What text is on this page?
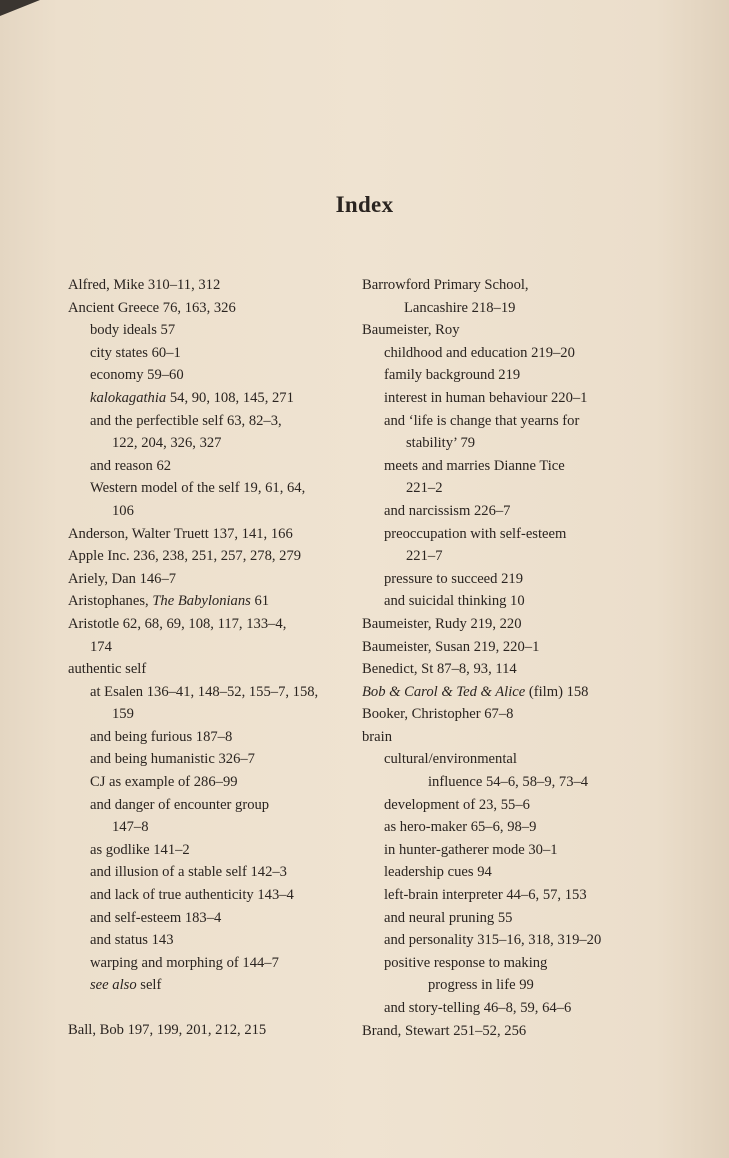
Index
Alfred, Mike 310–11, 312
Ancient Greece 76, 163, 326
body ideals 57
city states 60–1
economy 59–60
kalokagathia 54, 90, 108, 145, 271
and the perfectible self 63, 82–3,
122, 204, 326, 327
and reason 62
Western model of the self 19, 61, 64,
106
Anderson, Walter Truett 137, 141, 166
Apple Inc. 236, 238, 251, 257, 278, 279
Ariely, Dan 146–7
Aristophanes, The Babylonians 61
Aristotle 62, 68, 69, 108, 117, 133–4,
174
authentic self
at Esalen 136–41, 148–52, 155–7, 158,
159
and being furious 187–8
and being humanistic 326–7
CJ as example of 286–99
and danger of encounter group
147–8
as godlike 141–2
and illusion of a stable self 142–3
and lack of true authenticity 143–4
and self-esteem 183–4
and status 143
warping and morphing of 144–7
see also self
Ball, Bob 197, 199, 201, 212, 215
Barrowford Primary School,
Lancashire 218–19
Baumeister, Roy
childhood and education 219–20
family background 219
interest in human behaviour 220–1
and ‘life is change that yearns for
stability’ 79
meets and marries Dianne Tice
221–2
and narcissism 226–7
preoccupation with self-esteem
221–7
pressure to succeed 219
and suicidal thinking 10
Baumeister, Rudy 219, 220
Baumeister, Susan 219, 220–1
Benedict, St 87–8, 93, 114
Bob & Carol & Ted & Alice (film) 158
Booker, Christopher 67–8
brain
cultural/environmental
influence 54–6, 58–9, 73–4
development of 23, 55–6
as hero-maker 65–6, 98–9
in hunter-gatherer mode 30–1
leadership cues 94
left-brain interpreter 44–6, 57, 153
and neural pruning 55
and personality 315–16, 318, 319–20
positive response to making
progress in life 99
and story-telling 46–8, 59, 64–6
Brand, Stewart 251–52, 256
